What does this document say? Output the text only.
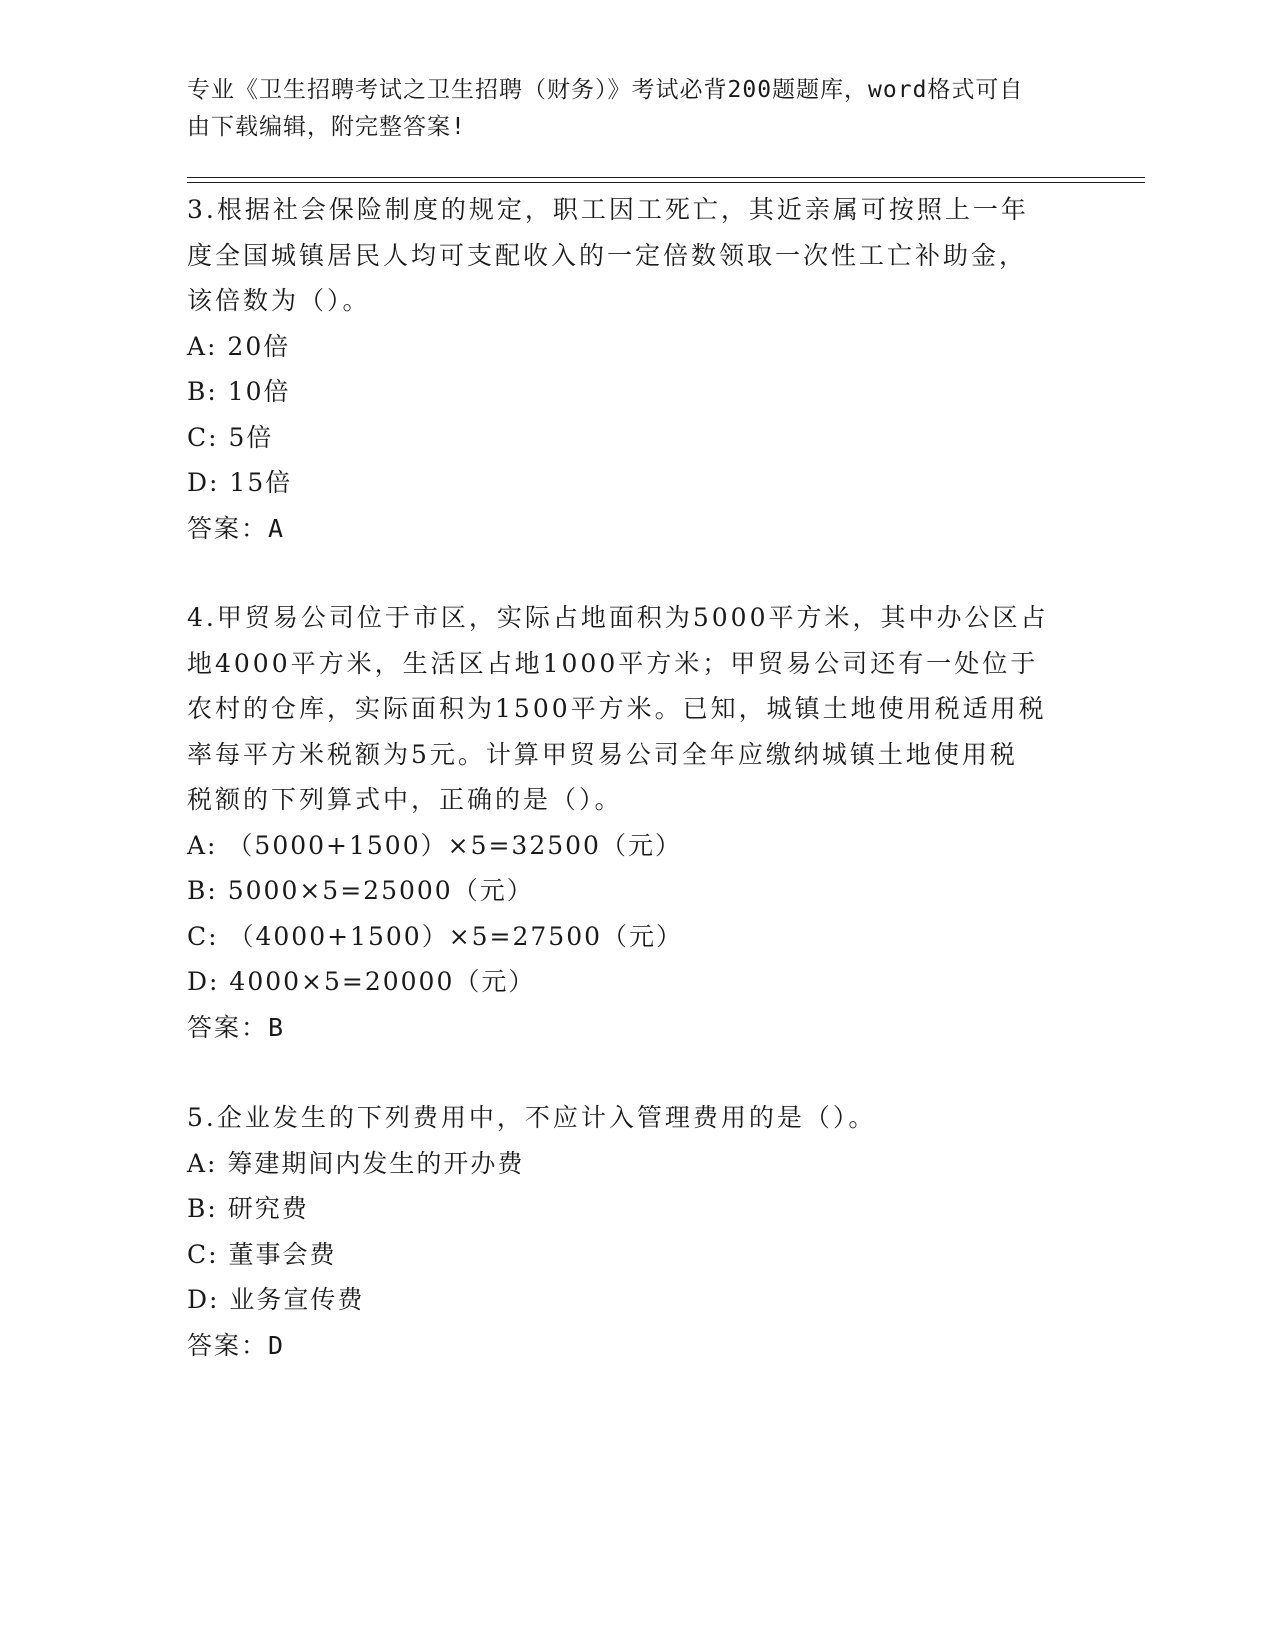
专业《卫生招聘考试之卫生招聘（财务）》考试必背200题题库，word格式可自
由下载编辑，附完整答案!

3.根据社会保险制度的规定，职工因工死亡，其近亲属可按照上一年
度全国城镇居民人均可支配收入的一定倍数领取一次性工亡补助金，
该倍数为（）。

A: 20倍
B: 10倍
C: 5倍
D: 15倍
答案：A

4.甲贸易公司位于市区，实际占地面积为5000平方米，其中办公区占
地4000平方米，生活区占地1000平方米；甲贸易公司还有一处位于
农村的仓库，实际面积为1500平方米。已知，城镇土地使用税适用税
率每平方米税额为5元。计算甲贸易公司全年应缴纳城镇土地使用税
税额的下列算式中，正确的是（）。

A: （5000+1500）×5=32500（元）
B: 5000×5=25000（元）
C: （4000+1500）×5=27500（元）
D: 4000×5=20000（元）
答案：B

5.企业发生的下列费用中，不应计入管理费用的是（）。

A: 筹建期间内发生的开办费
B: 研究费
C: 董事会费
D: 业务宣传费
答案：D
